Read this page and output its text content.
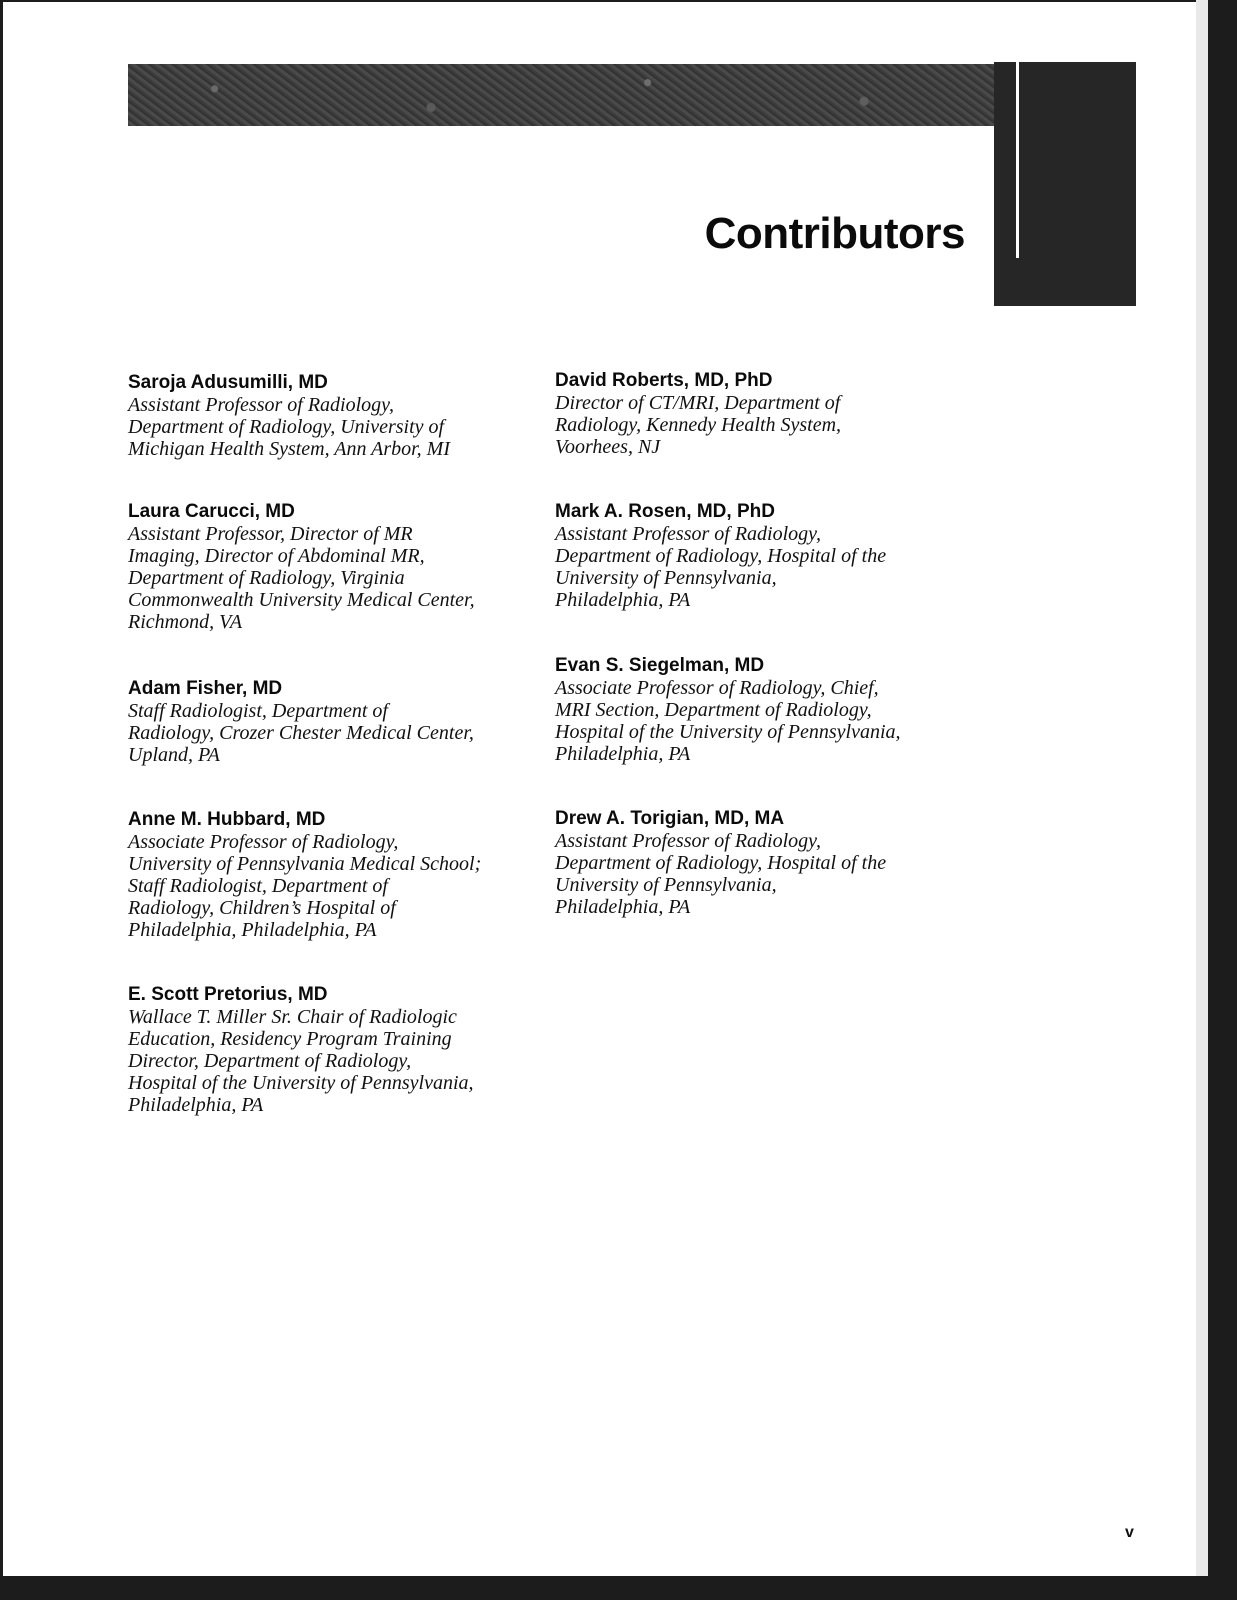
Contributors

Saroja Adusumilli, MD

Assistant Professor of Radiology,
Department of Radiology, University of
Michigan Health System, Ann Arbor, MI

Laura Carucci, MD

Assistant Professor, Director of MR
Imaging, Director of Abdominal MR,
Department of Radiology, Virginia
Commonwealth University Medical Center,
Richmond, VA

Adam Fisher, MD

Staff Radiologist, Department of
Radiology, Crozer Chester Medical Center,
Upland, PA

Anne M. Hubbard, MD

Associate Professor of Radiology,
University of Pennsylvania Medical School;
Staff Radiologist, Department of
Radiology, Children’s Hospital of
Philadelphia, Philadelphia, PA

E. Scott Pretorius, MD

Wallace T. Miller Sr. Chair of Radiologic
Education, Residency Program Training
Director, Department of Radiology,
Hospital of the University of Pennsylvania,
Philadelphia, PA

David Roberts, MD, PhD

Director of CT/MRI, Department of
Radiology, Kennedy Health System,
Voorhees, NJ

Mark A. Rosen, MD, PhD

Assistant Professor of Radiology,
Department of Radiology, Hospital of the
University of Pennsylvania,
Philadelphia, PA

Evan S. Siegelman, MD

Associate Professor of Radiology, Chief,
MRI Section, Department of Radiology,
Hospital of the University of Pennsylvania,
Philadelphia, PA

Drew A. Torigian, MD, MA

Assistant Professor of Radiology,
Department of Radiology, Hospital of the
University of Pennsylvania,
Philadelphia, PA

v
